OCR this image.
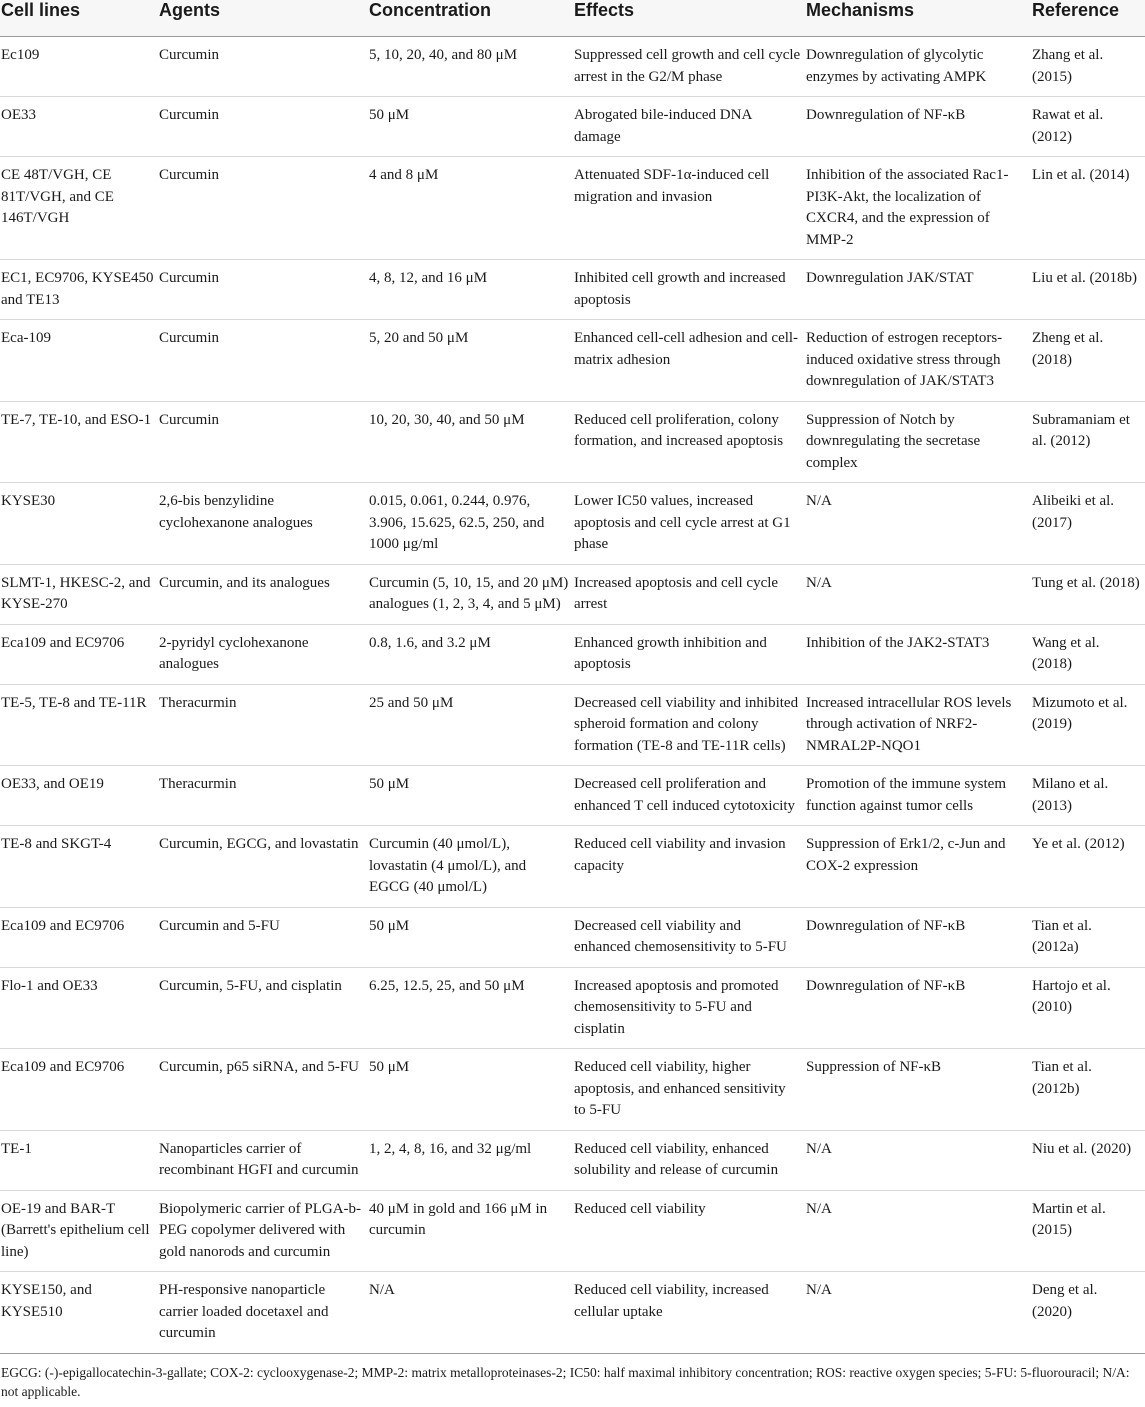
Cell lines	Agents	Concentration	Effects	Mechanisms	Reference
Ec109	Curcumin	5, 10, 20, 40, and 80 μM	Suppressed cell growth and cell cycle arrest in the G2/M phase	Downregulation of glycolytic enzymes by activating AMPK	Zhang et al. (2015)
OE33	Curcumin	50 μM	Abrogated bile-induced DNA damage	Downregulation of NF-κB	Rawat et al. (2012)
CE 48T/VGH, CE 81T/VGH, and CE 146T/VGH	Curcumin	4 and 8 μM	Attenuated SDF-1α-induced cell migration and invasion	Inhibition of the associated Rac1-PI3K-Akt, the localization of CXCR4, and the expression of MMP-2	Lin et al. (2014)
EC1, EC9706, KYSE450 and TE13	Curcumin	4, 8, 12, and 16 μM	Inhibited cell growth and increased apoptosis	Downregulation JAK/STAT	Liu et al. (2018b)
Eca-109	Curcumin	5, 20 and 50 μM	Enhanced cell-cell adhesion and cell-matrix adhesion	Reduction of estrogen receptors-induced oxidative stress through downregulation of JAK/STAT3	Zheng et al. (2018)
TE-7, TE-10, and ESO-1	Curcumin	10, 20, 30, 40, and 50 μM	Reduced cell proliferation, colony formation, and increased apoptosis	Suppression of Notch by downregulating the secretase complex	Subramaniam et al. (2012)
KYSE30	2,6-bis benzylidine cyclohexanone analogues	0.015, 0.061, 0.244, 0.976, 3.906, 15.625, 62.5, 250, and 1000 μg/ml	Lower IC50 values, increased apoptosis and cell cycle arrest at G1 phase	N/A	Alibeiki et al. (2017)
SLMT-1, HKESC-2, and KYSE-270	Curcumin, and its analogues	Curcumin (5, 10, 15, and 20 μM) analogues (1, 2, 3, 4, and 5 μM)	Increased apoptosis and cell cycle arrest	N/A	Tung et al. (2018)
Eca109 and EC9706	2-pyridyl cyclohexanone analogues	0.8, 1.6, and 3.2 μM	Enhanced growth inhibition and apoptosis	Inhibition of the JAK2-STAT3	Wang et al. (2018)
TE-5, TE-8 and TE-11R	Theracurmin	25 and 50 μM	Decreased cell viability and inhibited spheroid formation and colony formation (TE-8 and TE-11R cells)	Increased intracellular ROS levels through activation of NRF2-NMRAL2P-NQO1	Mizumoto et al. (2019)
OE33, and OE19	Theracurmin	50 μM	Decreased cell proliferation and enhanced T cell induced cytotoxicity	Promotion of the immune system function against tumor cells	Milano et al. (2013)
TE-8 and SKGT-4	Curcumin, EGCG, and lovastatin	Curcumin (40 μmol/L), lovastatin (4 μmol/L), and EGCG (40 μmol/L)	Reduced cell viability and invasion capacity	Suppression of Erk1/2, c-Jun and COX-2 expression	Ye et al. (2012)
Eca109 and EC9706	Curcumin and 5-FU	50 μM	Decreased cell viability and enhanced chemosensitivity to 5-FU	Downregulation of NF-κB	Tian et al. (2012a)
Flo-1 and OE33	Curcumin, 5-FU, and cisplatin	6.25, 12.5, 25, and 50 μM	Increased apoptosis and promoted chemosensitivity to 5-FU and cisplatin	Downregulation of NF-κB	Hartojo et al. (2010)
Eca109 and EC9706	Curcumin, p65 siRNA, and 5-FU	50 μM	Reduced cell viability, higher apoptosis, and enhanced sensitivity to 5-FU	Suppression of NF-κB	Tian et al. (2012b)
TE-1	Nanoparticles carrier of recombinant HGFI and curcumin	1, 2, 4, 8, 16, and 32 μg/ml	Reduced cell viability, enhanced solubility and release of curcumin	N/A	Niu et al. (2020)
OE-19 and BAR-T (Barrett's epithelium cell line)	Biopolymeric carrier of PLGA-b-PEG copolymer delivered with gold nanorods and curcumin	40 μM in gold and 166 μM in curcumin	Reduced cell viability	N/A	Martin et al. (2015)
KYSE150, and KYSE510	PH-responsive nanoparticle carrier loaded docetaxel and curcumin	N/A	Reduced cell viability, increased cellular uptake	N/A	Deng et al. (2020)
EGCG: (-)-epigallocatechin-3-gallate; COX-2: cyclooxygenase-2; MMP-2: matrix metalloproteinases-2; IC50: half maximal inhibitory concentration; ROS: reactive oxygen species; 5-FU: 5-fluorouracil; N/A: not applicable.
